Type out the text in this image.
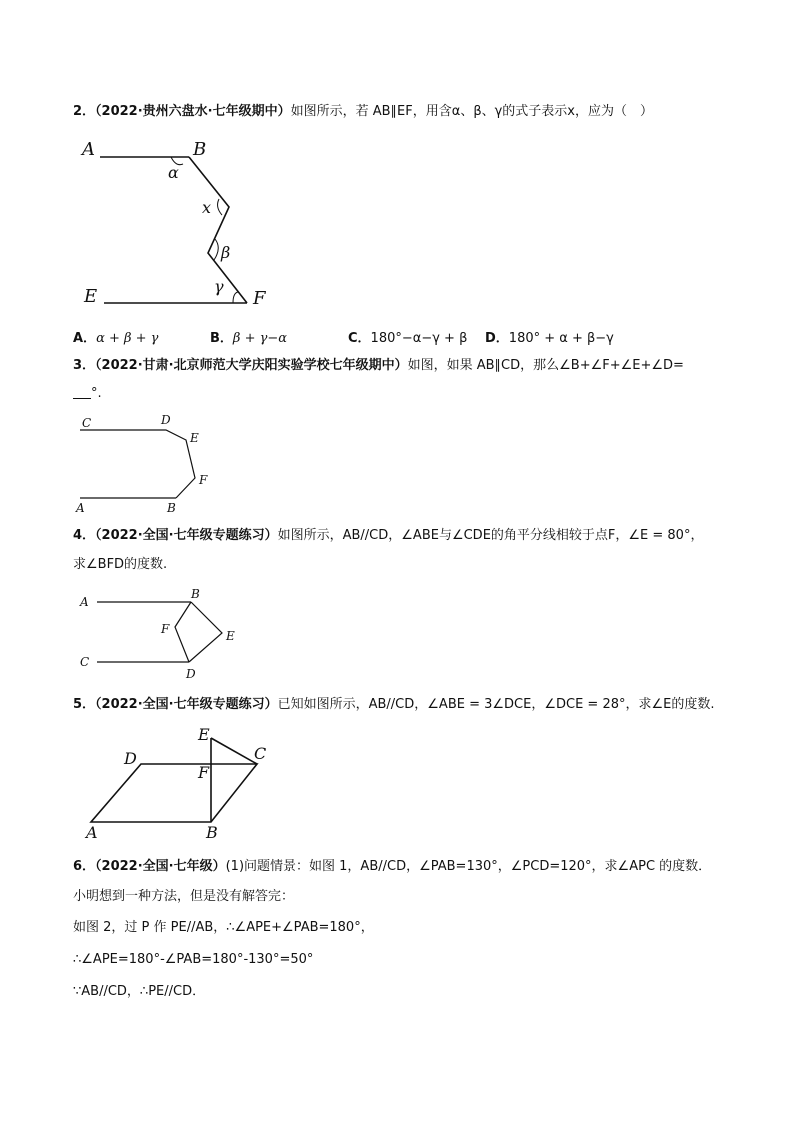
2．（2022·贵州六盘水·七年级期中）如图所示，若 AB∥EF，用含α、β、γ的式子表示x，应为（　）
A	B
α
x
β
γ
E	F
A．α + β + γ	B．β + γ−α	C．180°−α−γ + β D．180° + α + β−γ
3．（2022·甘肃·北京师范大学庆阳实验学校七年级期中）如图，如果 AB∥CD，那么∠B+∠F+∠E+∠D=
°.
C	D
E
F
A	B
4．（2022·全国·七年级专题练习）如图所示，AB//CD，∠ABE与∠CDE的角平分线相较于点F，∠E = 80°，
求∠BFD的度数.
A
B
F	E
C
D
5．（2022·全国·七年级专题练习）已知如图所示，AB//CD，∠ABE = 3∠DCE，∠DCE = 28°，求∠E的度数.
E
C
D
F
A	B
6．（2022·全国·七年级）(1)问题情景：如图 1，AB//CD，∠PAB=130°，∠PCD=120°，求∠APC 的度数．
小明想到一种方法，但是没有解答完：
如图 2，过 P 作 PE//AB，∴∠APE+∠PAB=180°，
∴∠APE=180°-∠PAB=180°-130°=50°
∵AB//CD，∴PE//CD．
